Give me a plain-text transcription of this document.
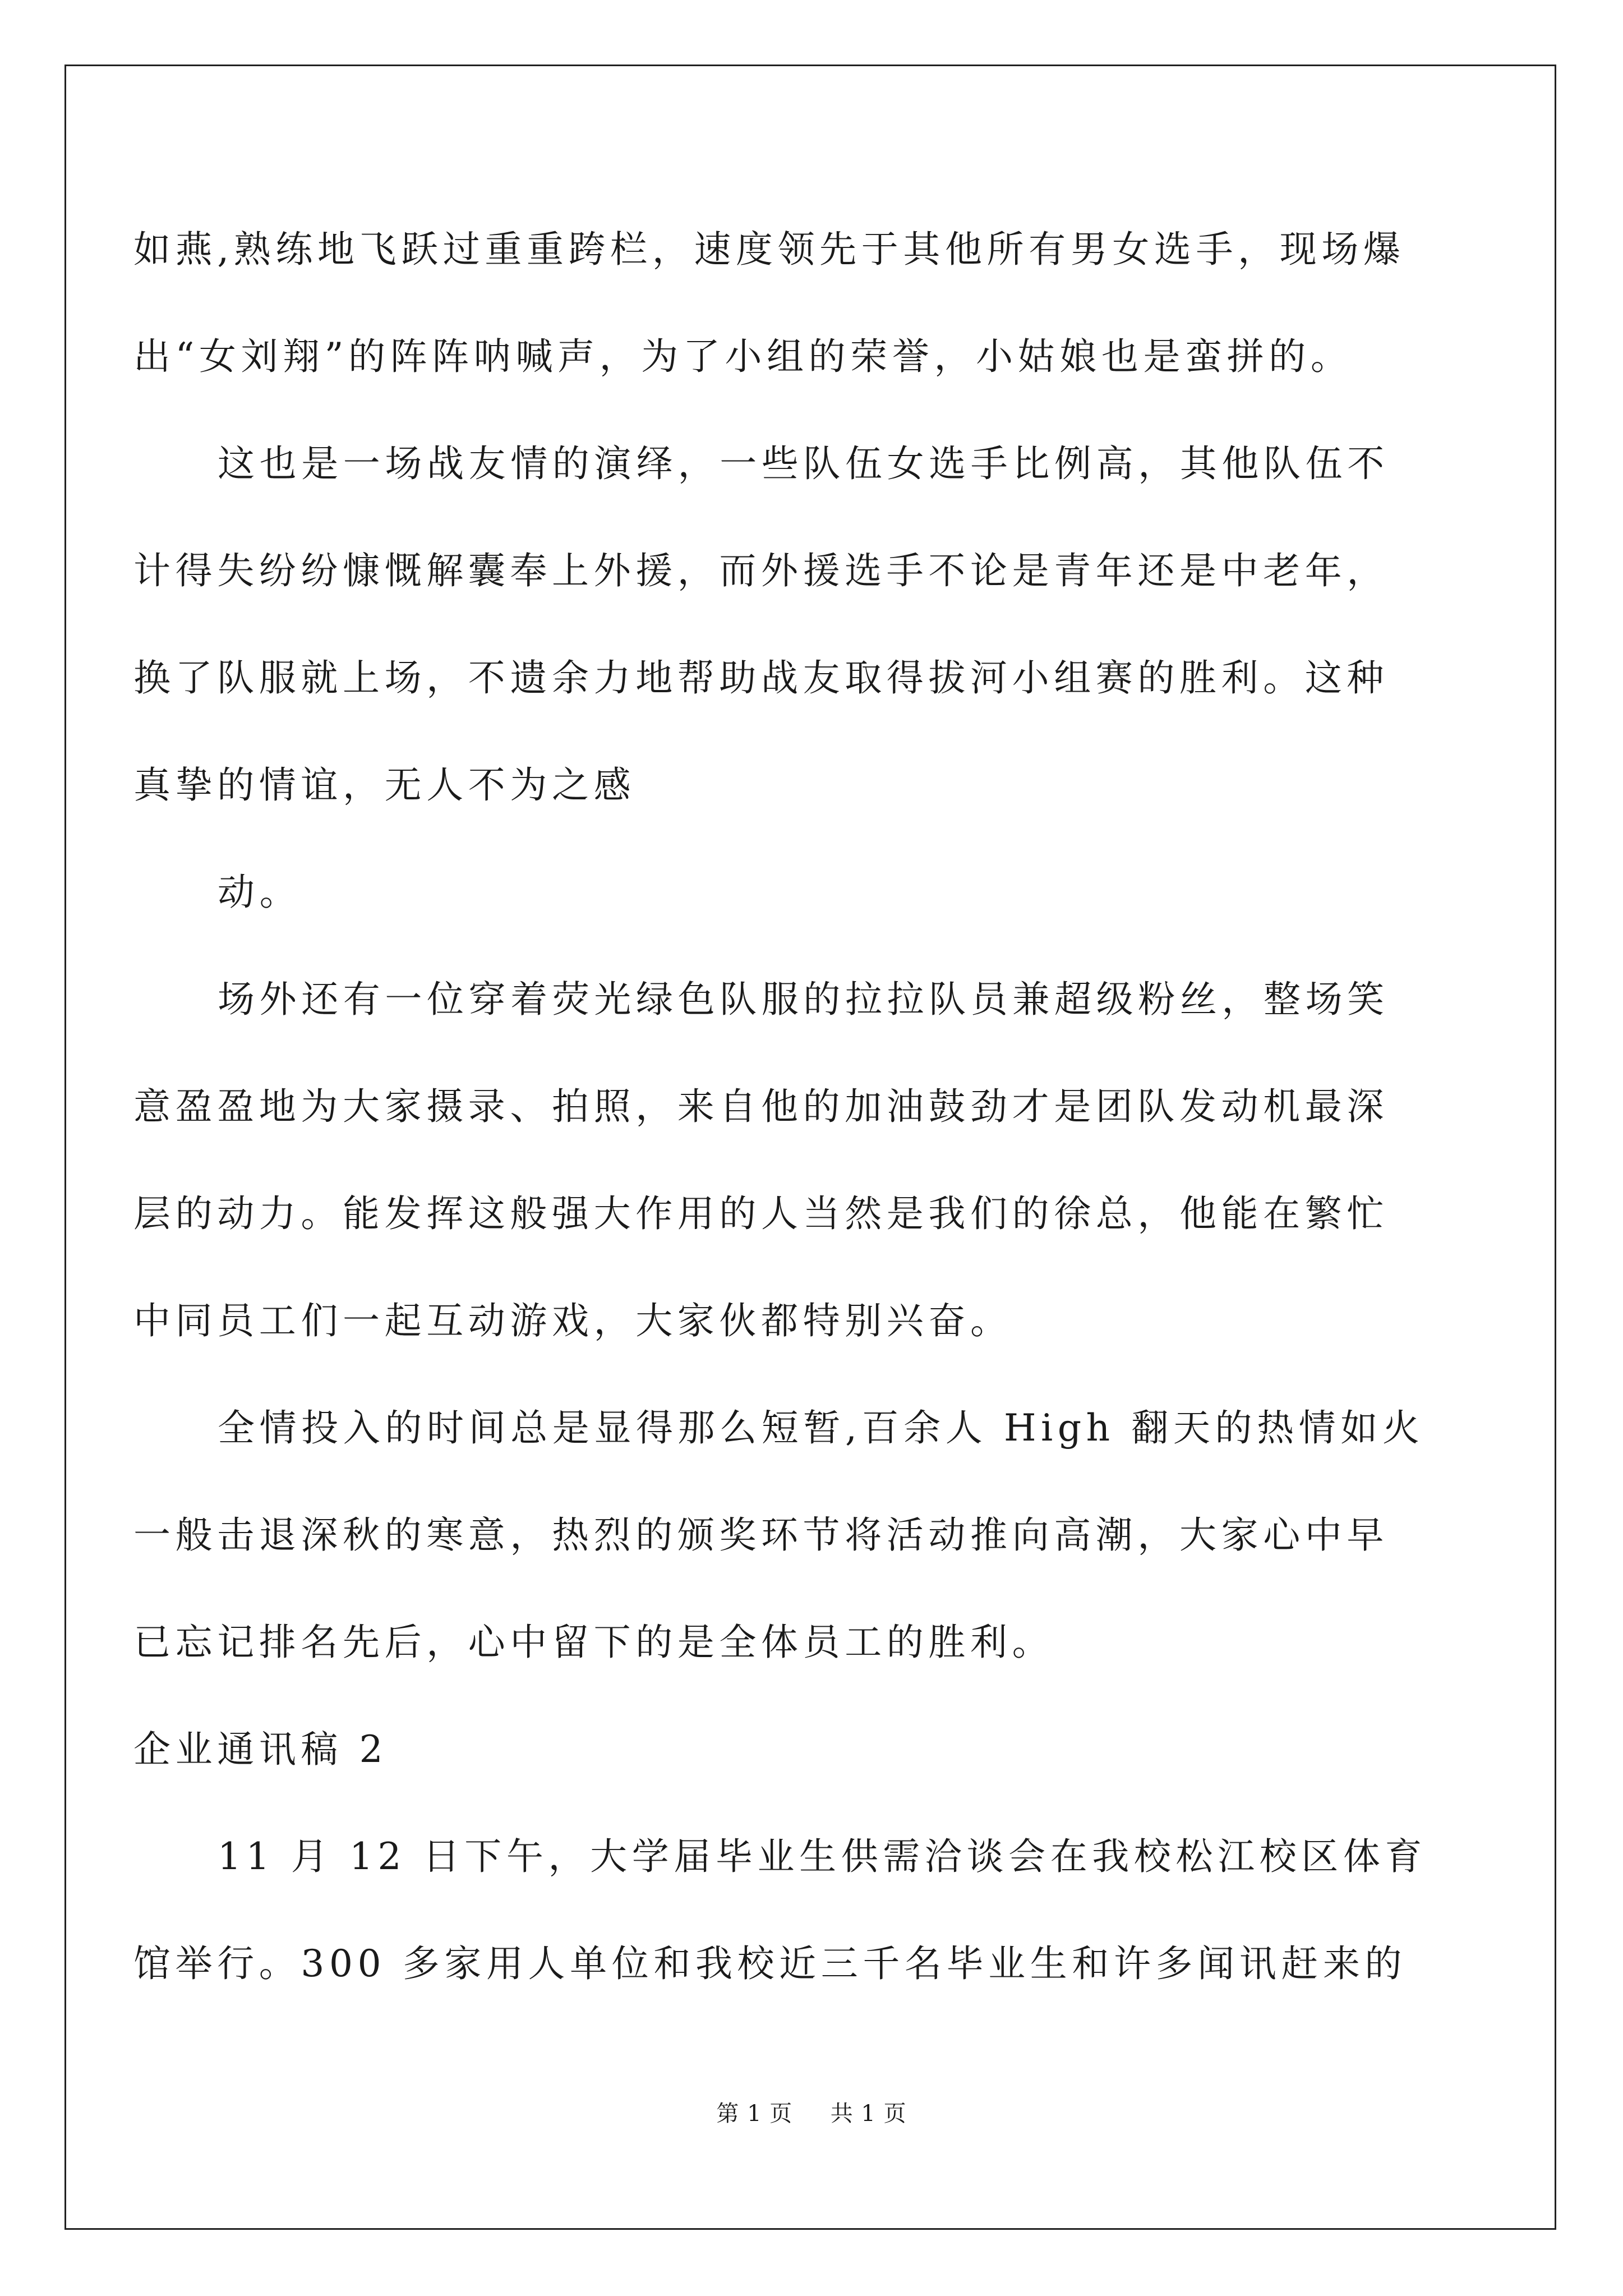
如燕,熟练地飞跃过重重跨栏，速度领先于其他所有男女选手，现场爆
出“女刘翔”的阵阵呐喊声，为了小组的荣誉，小姑娘也是蛮拼的。
这也是一场战友情的演绎，一些队伍女选手比例高，其他队伍不
计得失纷纷慷慨解囊奉上外援，而外援选手不论是青年还是中老年，
换了队服就上场，不遗余力地帮助战友取得拔河小组赛的胜利。这种
真挚的情谊，无人不为之感
动。
场外还有一位穿着荧光绿色队服的拉拉队员兼超级粉丝，整场笑
意盈盈地为大家摄录、拍照，来自他的加油鼓劲才是团队发动机最深
层的动力。能发挥这般强大作用的人当然是我们的徐总，他能在繁忙
中同员工们一起互动游戏，大家伙都特别兴奋。
全情投入的时间总是显得那么短暂,百余人 High 翻天的热情如火
一般击退深秋的寒意，热烈的颁奖环节将活动推向高潮，大家心中早
已忘记排名先后，心中留下的是全体员工的胜利。
企业通讯稿 2
11 月 12 日下午，大学届毕业生供需洽谈会在我校松江校区体育
馆举行。300 多家用人单位和我校近三千名毕业生和许多闻讯赶来的
第 1 页 共 1 页
